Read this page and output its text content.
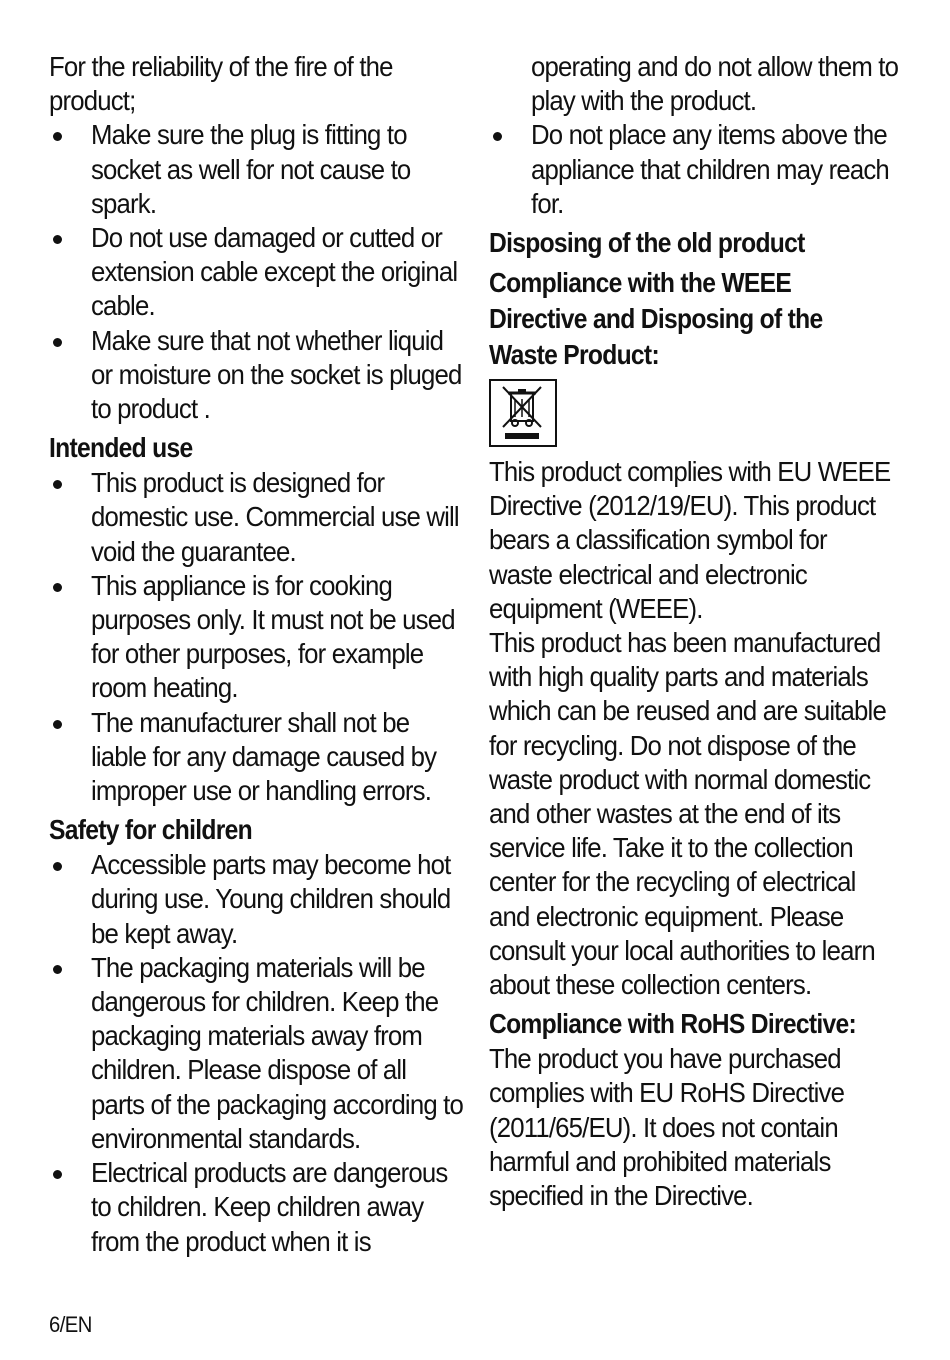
For the reliability of the fire of the product;

Make sure the plug is fitting to socket as well for not cause to spark.
Do not use damaged or cutted or extension cable except the original cable.
Make sure that not whether liquid or moisture on the socket is pluged to product .
Intended use
This product is designed for domestic use. Commercial use will void the guarantee.
This appliance is for cooking purposes only. It must not be used for other purposes, for example room heating.
The manufacturer shall not be liable for any damage caused by improper use or handling errors.
Safety for children
Accessible parts may become hot during use. Young children should be kept away.
The packaging materials will be dangerous for children. Keep the packaging materials away from children. Please dispose of all parts of the packaging according to environmental standards.
Electrical products are dangerous to children. Keep children away from the product when it is
operating and do not allow them to play with the product.
Do not place any items above the appliance that children may reach for.
Disposing of the old product
Compliance with the WEEE Directive and Disposing of the Waste Product:

This product complies with EU WEEE Directive (2012/19/EU). This product bears a classification symbol for waste electrical and electronic equipment (WEEE).

This product has been manufactured with high quality parts and materials which can be reused and are suitable for recycling. Do not dispose of the waste product with normal domestic and other wastes at the end of its service life. Take it to the collection center for the recycling of electrical and electronic equipment. Please consult your local authorities to learn about these collection centers.

Compliance with RoHS Directive:

The product you have purchased complies with EU RoHS Directive (2011/65/EU). It does not contain harmful and prohibited materials specified in the Directive.

6/EN
